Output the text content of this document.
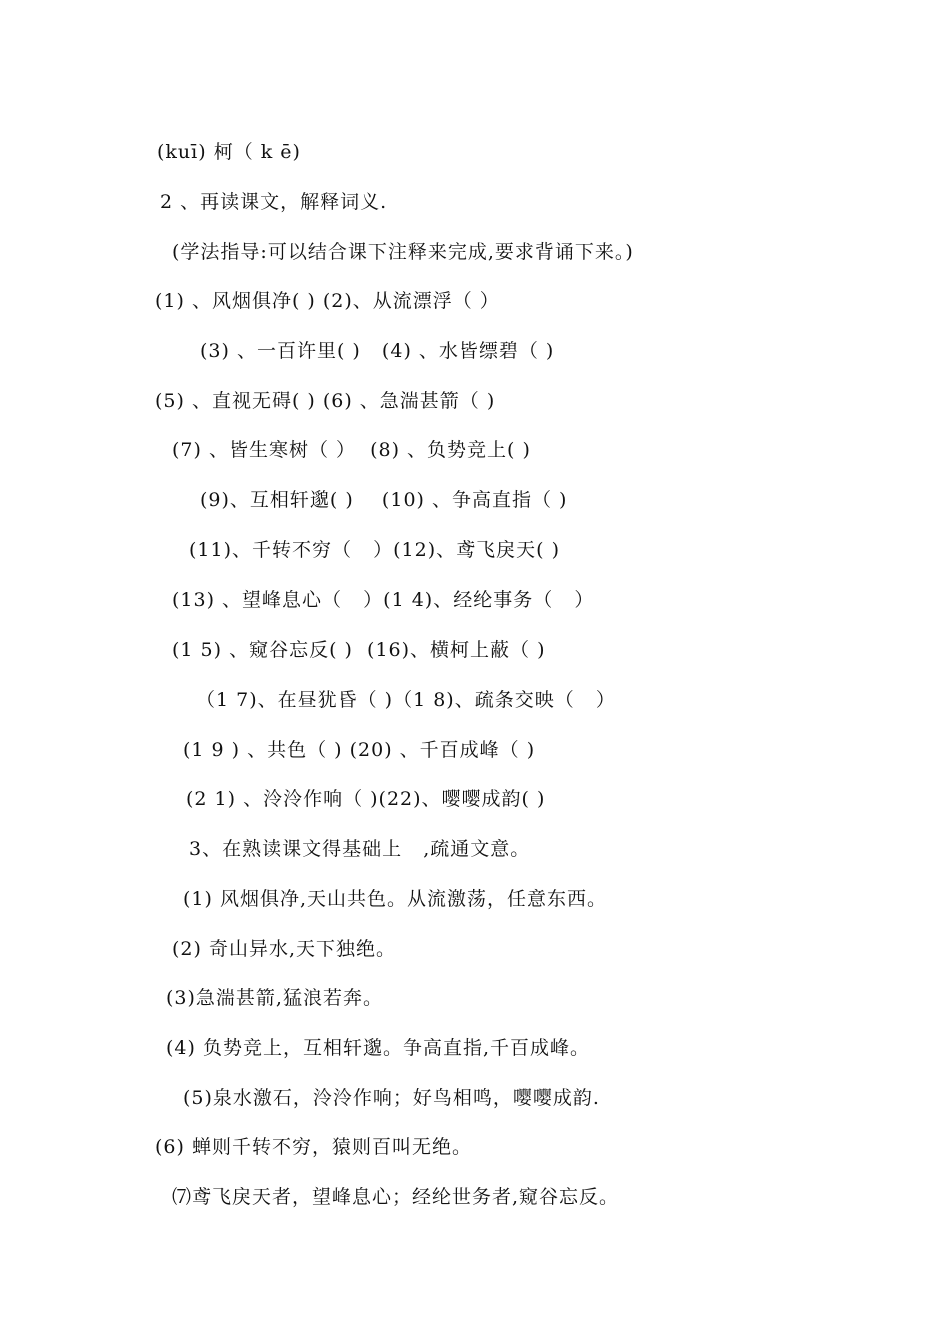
(kuī) 柯（ k ē)
2 、再读课文，解释词义.
(学法指导:可以结合课下注释来完成,要求背诵下来。)
(1) 、风烟俱净( ) (2)、从流漂浮（ ）
(3) 、一百许里( )   (4) 、水皆缥碧（ )
(5) 、直视无碍( ) (6) 、急湍甚箭（ )
(7) 、皆生寒树（ ）  (8) 、负势竞上( )
(9)、互相轩邈( )    (10) 、争高直指（ )
(11)、千转不穷（   ）(12)、鸢飞戾天( )
(13) 、望峰息心（   ）(1 4)、经纶事务（   ）
(1 5) 、窥谷忘反( )  (16)、横柯上蔽（ )
（1 7)、在昼犹昏（ )（1 8)、疏条交映（   ）
(1 9 ) 、共色（ ) (20) 、千百成峰（ )
(2 1) 、泠泠作响（ )(22)、嘤嘤成韵( )
3、在熟读课文得基础上   ,疏通文意。
(1) 风烟俱净,天山共色。从流激荡，任意东西。
(2) 奇山异水,天下独绝。
(3)急湍甚箭,猛浪若奔。
(4) 负势竞上，互相轩邈。争高直指,千百成峰。
(5)泉水激石，泠泠作响；好鸟相鸣，嘤嘤成韵.
(6) 蝉则千转不穷，猿则百叫无绝。
⑺鸢飞戾天者，望峰息心；经纶世务者,窥谷忘反。
